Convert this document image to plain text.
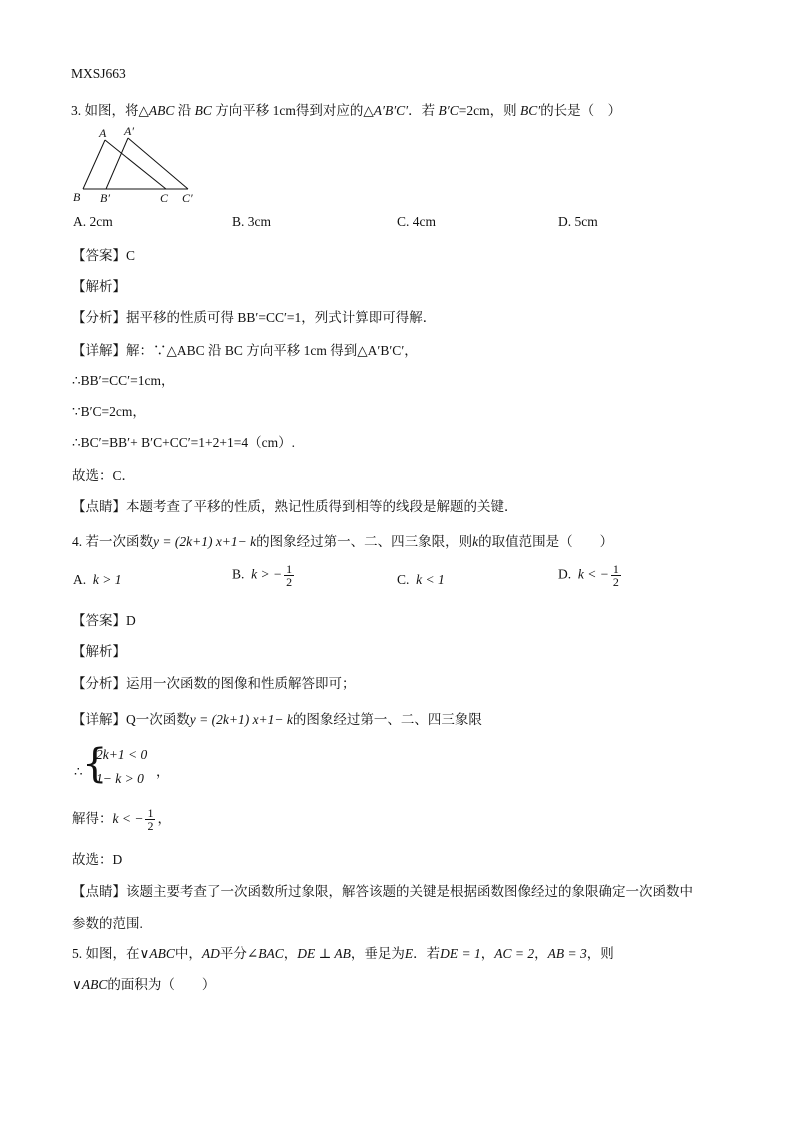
MXSJ663
3. 如图，将△ABC 沿 BC 方向平移 1cm得到对应的△A′B′C′．若 B′C=2cm，则 BC′的长是（　）
A A′
B B′	C C′
A. 2cm	B. 3cm	C. 4cm	D. 5cm
【答案】C
【解析】
【分析】据平移的性质可得 BB′=CC′=1，列式计算即可得解．
【详解】解：∵△ABC 沿 BC 方向平移 1cm 得到△A′B′C′，
∴BB′=CC′=1cm，
∵B′C=2cm，
∴BC′=BB′+ B′C+CC′=1+2+1=4（cm）.
故选：C．
【点睛】本题考查了平移的性质，熟记性质得到相等的线段是解题的关键．
4. 若一次函数y = (2k+1) x+1− k的图象经过第一、二、四三象限，则k的取值范围是（　　）
A. k > 1	B. k > − $\frac{1}{2}$	C. k < 1	D. k < − $\frac{1}{2}$
【答案】D
【解析】
【分析】运用一次函数的图像和性质解答即可；
【详解】Q一次函数y = (2k+1) x+1− k的图象经过第一、二、四三象限
∴ {
2k+1 < 0
1− k > 0 ，
解得：k < − $\frac{1}{2}$ ，
故选：D
【点睛】该题主要考查了一次函数所过象限，解答该题的关键是根据函数图像经过的象限确定一次函数中
参数的范围.
5. 如图，在∨ABC中，AD平分∠BAC，DE ⊥ AB，垂足为E．若DE = 1，AC = 2，AB = 3，则
∨ABC的面积为（　　）
